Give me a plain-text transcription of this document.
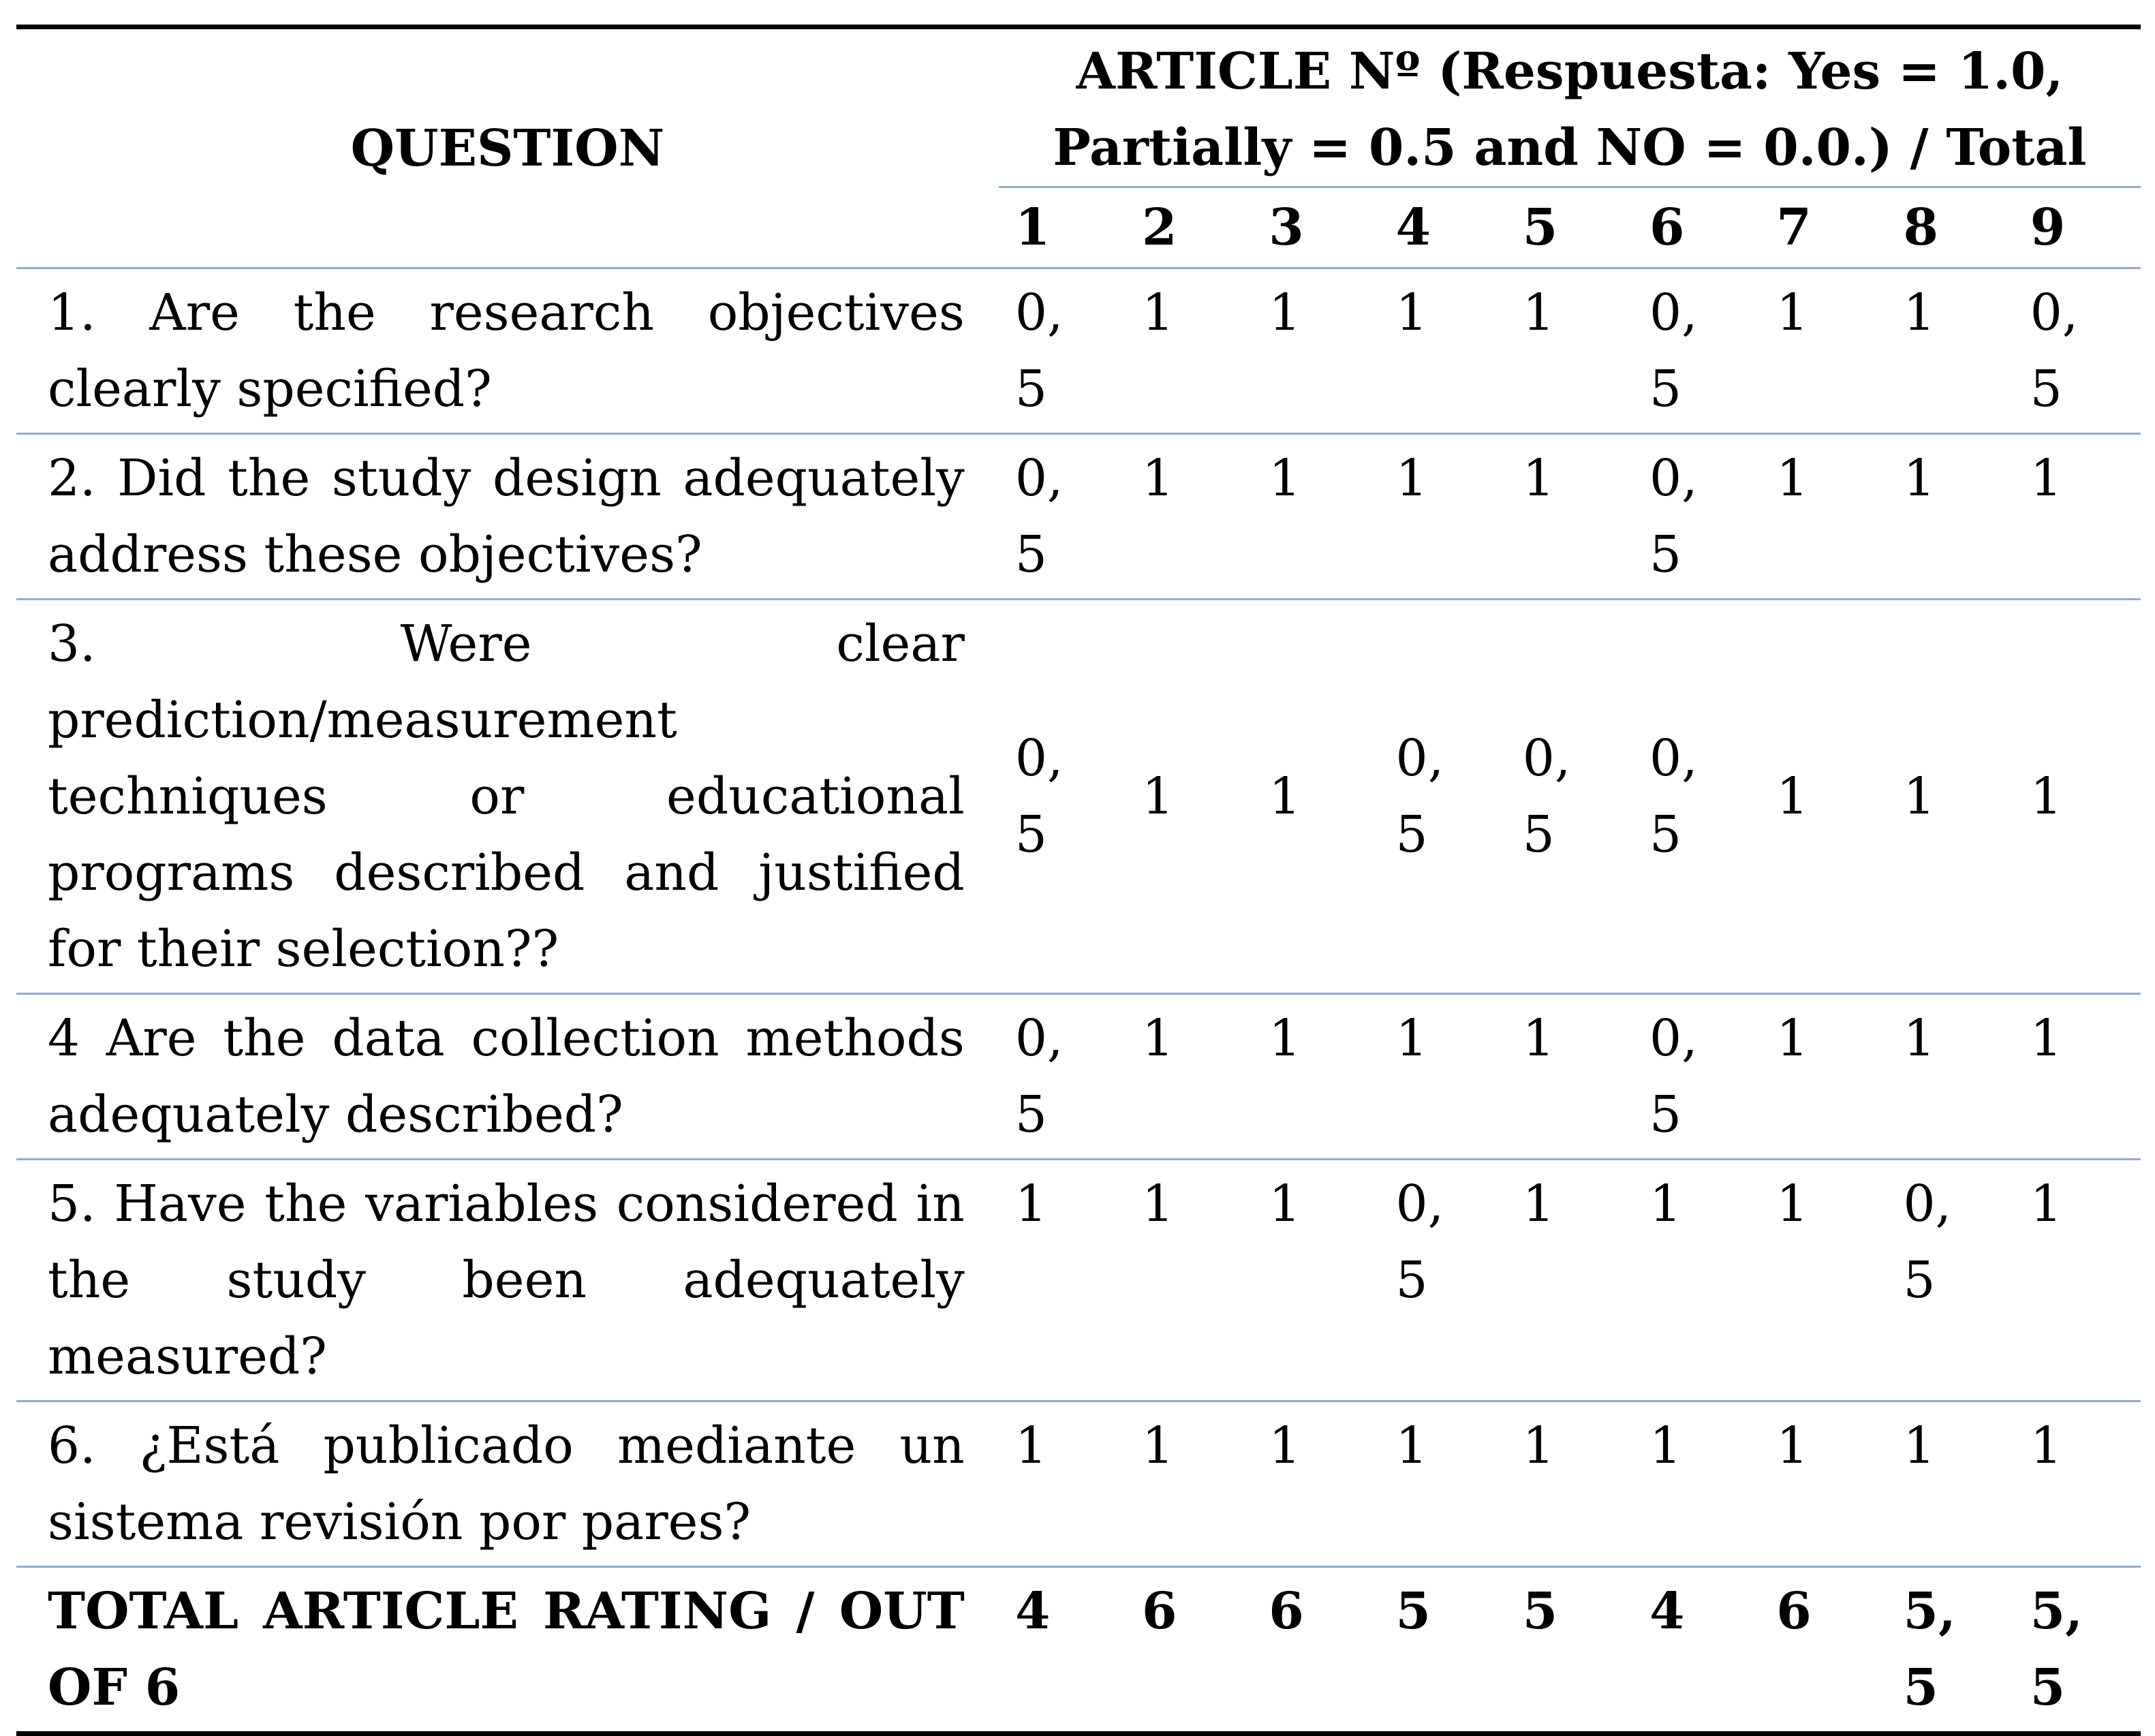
QUESTION	ARTICLE Nº (Respuesta: Yes = 1.0, Partially = 0.5 and NO = 0.0.) / Total								
	1	2	3	4	5	6	7	8	9
1. Are the research objectives clearly specified?	0,5	1	1	1	1	0,5	1	1	0,5

2. Did the study design adequately address these objectives?	0,5	1	1	1	1	0,5	1	1	1

3. Were clear prediction/measurement techniques or educational programs described and justified for their selection??	0,5	1	1	0,5	0,5	0,5	1	1	1

4 Are the data collection methods adequately described?	0,5	1	1	1	1	0,5	1	1	1

5. Have the variables considered in the study been adequately measured?	1	1	1	0,5	1	1	1	0,5	1

6. ¿Está publicado mediante un sistema revisión por pares?	1	1	1	1	1	1	1	1	1

TOTAL ARTICLE RATING / OUT OF 6	4	6	6	5	5	4	6	5,5	5,5
